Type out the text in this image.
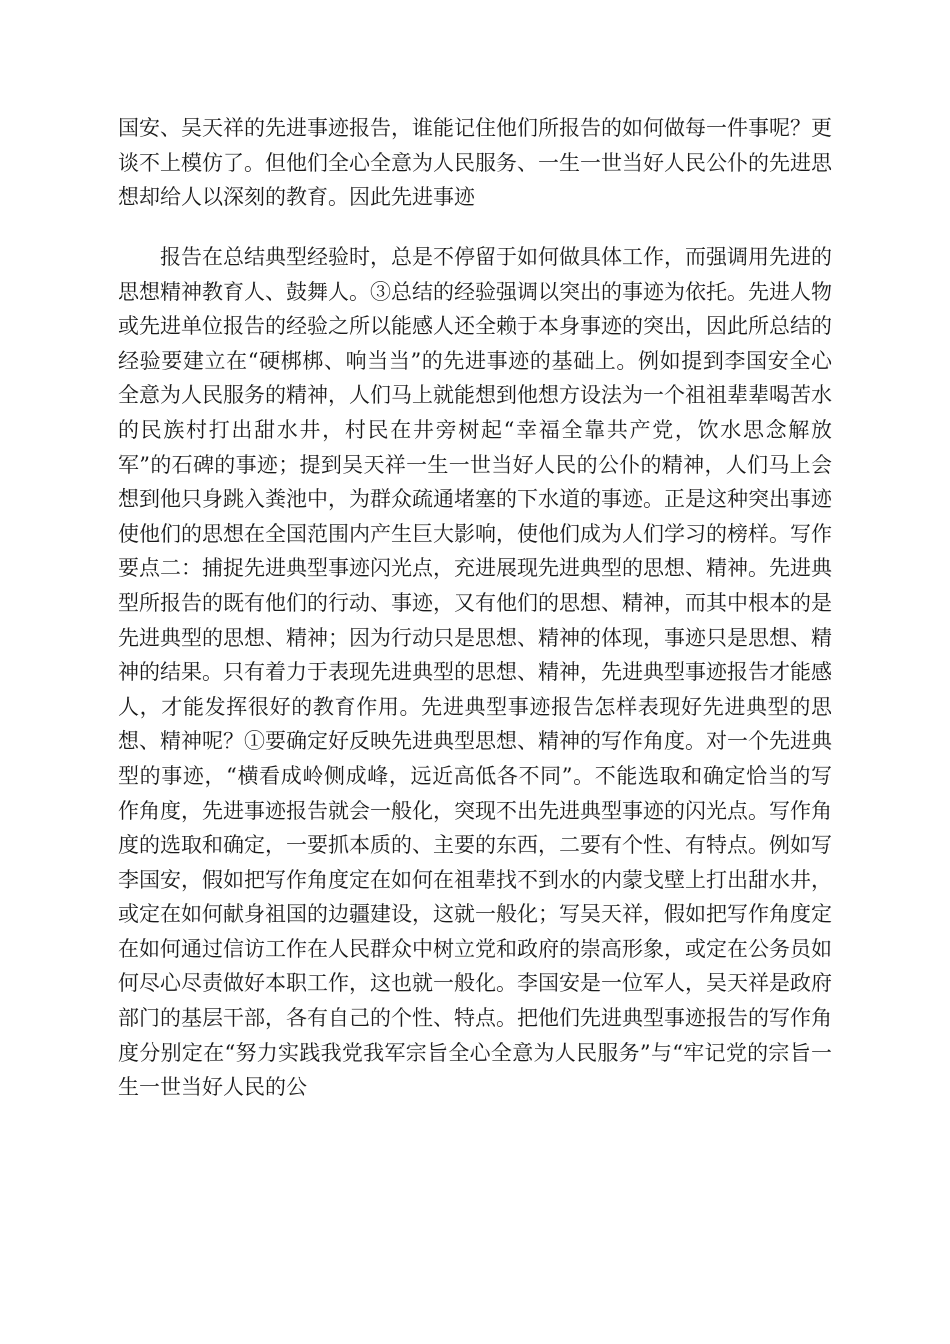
国安、吴天祥的先进事迹报告，谁能记住他们所报告的如何做每一件事呢？更谈不上模仿了。但他们全心全意为人民服务、一生一世当好人民公仆的先进思想却给人以深刻的教育。因此先进事迹

报告在总结典型经验时，总是不停留于如何做具体工作，而强调用先进的思想精神教育人、鼓舞人。③总结的经验强调以突出的事迹为依托。先进人物或先进单位报告的经验之所以能感人还全赖于本身事迹的突出，因此所总结的经验要建立在“硬梆梆、响当当”的先进事迹的基础上。例如提到李国安全心全意为人民服务的精神，人们马上就能想到他想方设法为一个祖祖辈辈喝苦水的民族村打出甜水井，村民在井旁树起“幸福全靠共产党，饮水思念解放军”的石碑的事迹；提到吴天祥一生一世当好人民的公仆的精神，人们马上会想到他只身跳入粪池中，为群众疏通堵塞的下水道的事迹。正是这种突出事迹使他们的思想在全国范围内产生巨大影响，使他们成为人们学习的榜样。写作要点二：捕捉先进典型事迹闪光点，充进展现先进典型的思想、精神。先进典型所报告的既有他们的行动、事迹，又有他们的思想、精神，而其中根本的是先进典型的思想、精神；因为行动只是思想、精神的体现，事迹只是思想、精神的结果。只有着力于表现先进典型的思想、精神，先进典型事迹报告才能感人，才能发挥很好的教育作用。先进典型事迹报告怎样表现好先进典型的思想、精神呢？①要确定好反映先进典型思想、精神的写作角度。对一个先进典型的事迹，“横看成岭侧成峰，远近高低各不同”。不能选取和确定恰当的写作角度，先进事迹报告就会一般化，突现不出先进典型事迹的闪光点。写作角度的选取和确定，一要抓本质的、主要的东西，二要有个性、有特点。例如写李国安，假如把写作角度定在如何在祖辈找不到水的内蒙戈壁上打出甜水井，或定在如何献身祖国的边疆建设，这就一般化；写吴天祥，假如把写作角度定在如何通过信访工作在人民群众中树立党和政府的崇高形象，或定在公务员如何尽心尽责做好本职工作，这也就一般化。李国安是一位军人，吴天祥是政府部门的基层干部，各有自己的个性、特点。把他们先进典型事迹报告的写作角度分别定在“努力实践我党我军宗旨全心全意为人民服务”与“牢记党的宗旨一生一世当好人民的公
